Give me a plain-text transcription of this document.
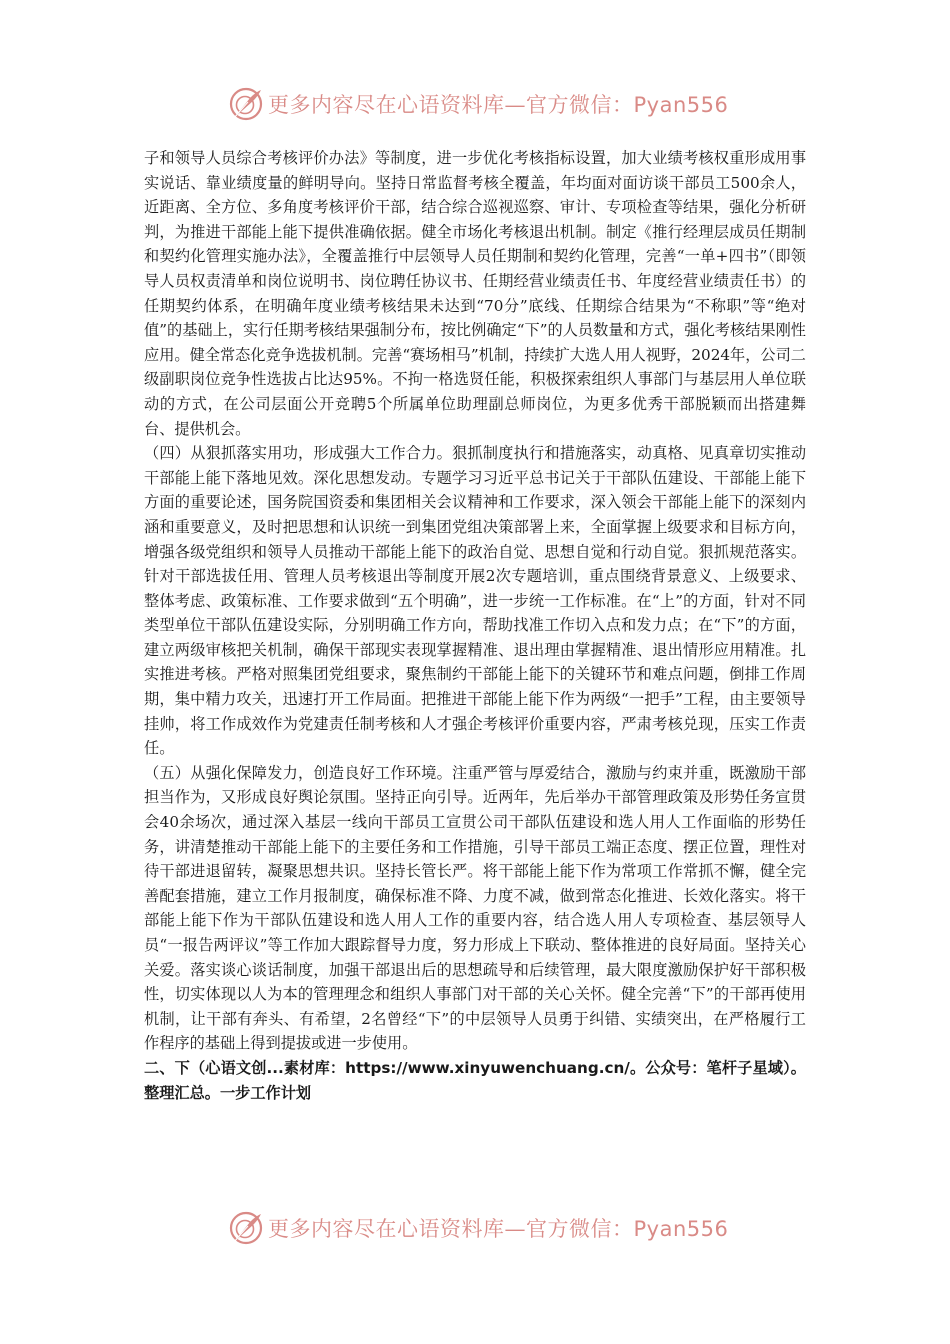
更多内容尽在心语资料库—官方微信：Pyan556

子和领导人员综合考核评价办法》等制度，进一步优化考核指标设置，加大业绩考核权重形成用事实说话、靠业绩度量的鲜明导向。坚持日常监督考核全覆盖，年均面对面访谈干部员工500余人，近距离、全方位、多角度考核评价干部，结合综合巡视巡察、审计、专项检查等结果，强化分析研判，为推进干部能上能下提供准确依据。健全市场化考核退出机制。制定《推行经理层成员任期制和契约化管理实施办法》，全覆盖推行中层领导人员任期制和契约化管理，完善“一单+四书”（即领导人员权责清单和岗位说明书、岗位聘任协议书、任期经营业绩责任书、年度经营业绩责任书）的任期契约体系，在明确年度业绩考核结果未达到“70分”底线、任期综合结果为“不称职”等“绝对值”的基础上，实行任期考核结果强制分布，按比例确定“下”的人员数量和方式，强化考核结果刚性应用。健全常态化竞争选拔机制。完善“赛场相马”机制，持续扩大选人用人视野，2024年，公司二级副职岗位竞争性选拔占比达95%。不拘一格选贤任能，积极探索组织人事部门与基层用人单位联动的方式，在公司层面公开竞聘5个所属单位助理副总师岗位，为更多优秀干部脱颖而出搭建舞台、提供机会。

（四）从狠抓落实用功，形成强大工作合力。狠抓制度执行和措施落实，动真格、见真章切实推动干部能上能下落地见效。深化思想发动。专题学习习近平总书记关于干部队伍建设、干部能上能下方面的重要论述，国务院国资委和集团相关会议精神和工作要求，深入领会干部能上能下的深刻内涵和重要意义，及时把思想和认识统一到集团党组决策部署上来，全面掌握上级要求和目标方向，增强各级党组织和领导人员推动干部能上能下的政治自觉、思想自觉和行动自觉。狠抓规范落实。针对干部选拔任用、管理人员考核退出等制度开展2次专题培训，重点围绕背景意义、上级要求、整体考虑、政策标准、工作要求做到“五个明确”，进一步统一工作标准。在“上”的方面，针对不同类型单位干部队伍建设实际，分别明确工作方向，帮助找准工作切入点和发力点；在“下”的方面，建立两级审核把关机制，确保干部现实表现掌握精准、退出理由掌握精准、退出情形应用精准。扎实推进考核。严格对照集团党组要求，聚焦制约干部能上能下的关键环节和难点问题，倒排工作周期，集中精力攻关，迅速打开工作局面。把推进干部能上能下作为两级“一把手”工程，由主要领导挂帅，将工作成效作为党建责任制考核和人才强企考核评价重要内容，严肃考核兑现，压实工作责任。

（五）从强化保障发力，创造良好工作环境。注重严管与厚爱结合，激励与约束并重，既激励干部担当作为，又形成良好舆论氛围。坚持正向引导。近两年，先后举办干部管理政策及形势任务宣贯会40余场次，通过深入基层一线向干部员工宣贯公司干部队伍建设和选人用人工作面临的形势任务，讲清楚推动干部能上能下的主要任务和工作措施，引导干部员工端正态度、摆正位置，理性对待干部进退留转，凝聚思想共识。坚持长管长严。将干部能上能下作为常项工作常抓不懈，健全完善配套措施，建立工作月报制度，确保标准不降、力度不减，做到常态化推进、长效化落实。将干部能上能下作为干部队伍建设和选人用人工作的重要内容，结合选人用人专项检查、基层领导人员“一报告两评议”等工作加大跟踪督导力度，努力形成上下联动、整体推进的良好局面。坚持关心关爱。落实谈心谈话制度，加强干部退出后的思想疏导和后续管理，最大限度激励保护好干部积极性，切实体现以人为本的管理理念和组织人事部门对干部的关心关怀。健全完善“下”的干部再使用机制，让干部有奔头、有希望，2名曾经“下”的中层领导人员勇于纠错、实绩突出，在严格履行工作程序的基础上得到提拔或进一步使用。

二、下（心语文创...素材库：https://www.xinyuwenchuang.cn/。公众号：笔杆子星域）。整理汇总。一步工作计划

更多内容尽在心语资料库—官方微信：Pyan556
